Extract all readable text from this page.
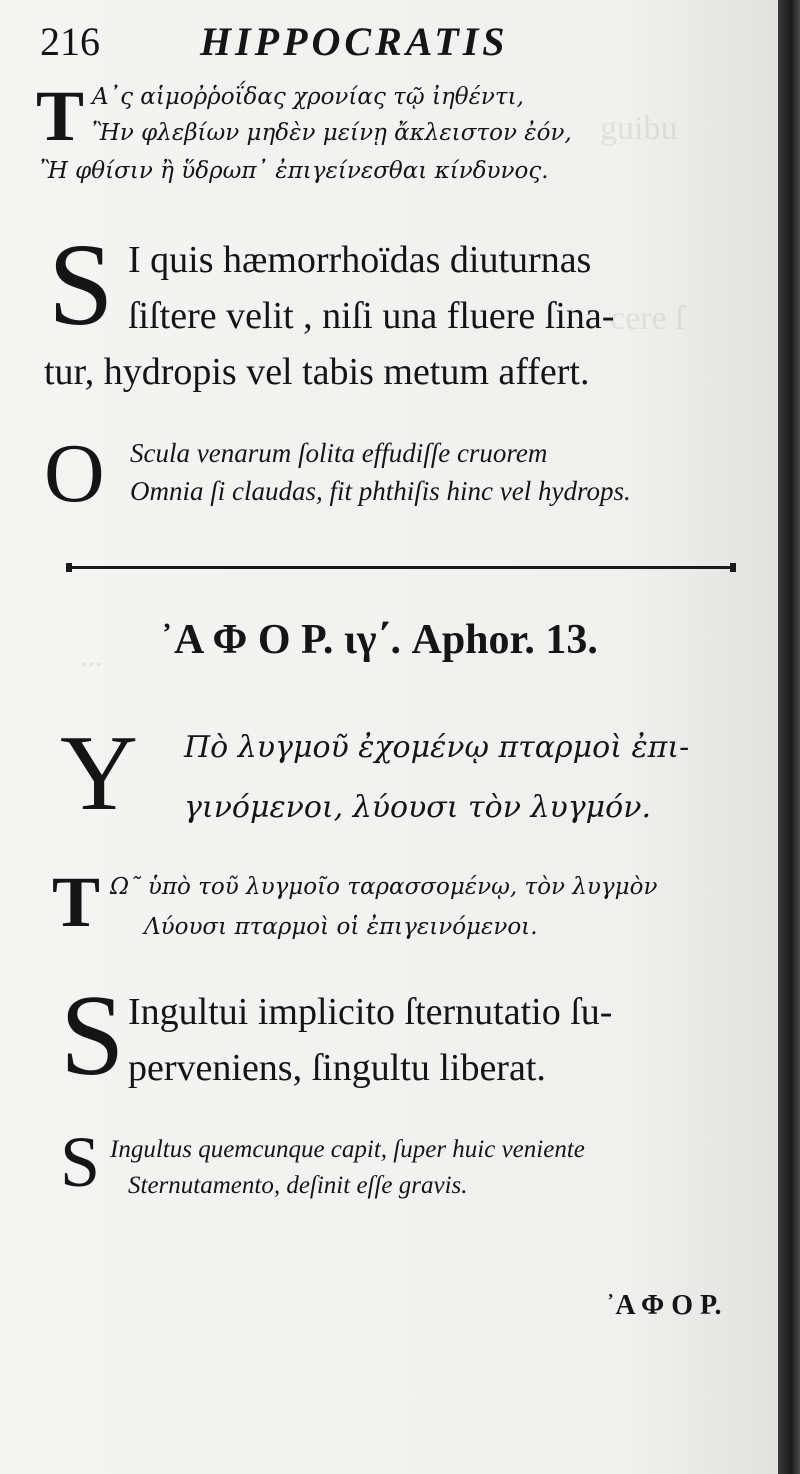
guibu
cere ſ
...
216	HIPPOCRATIS
T Α᾽ς αἱμοῤῥοΐδας χρονίας τῷ ἰηθέντι,
Ἢν φλεβίων μηδὲν μείνῃ ἄκλειστον ἐόν,
Ἢ φθίσιν ἢ ὕδρωπ᾽ ἐπιγείνεσθαι κίνδυνος.
S I quis hæmorrhoïdas diuturnas
ſiſtere velit , niſi una fluere ſina-
tur, hydropis vel tabis metum affert.
O Scula venarum ſolita effudiſſe cruorem
Omnia ſi claudas, fit phthiſis hinc vel hydrops.
᾽Α Φ Ο Ρ. ιγ΄. Aphor. 13.
Υ Πὸ λυγμοῦ ἐχομένῳ πταρμοὶ ἐπι-
γινόμενοι, λύουσι τὸν λυγμόν.
T Ω῀ ὑπὸ τοῦ λυγμοῖο ταρασσομένῳ, τὸν λυγμὸν
Λύουσι πταρμοὶ οἱ ἐπιγεινόμενοι.
S Ingultui implicito ſternutatio ſu-
perveniens, ſingultu liberat.
S Ingultus quemcunque capit, ſuper huic veniente
Sternutamento, deſinit eſſe gravis.
᾽Α Φ Ο Ρ.
